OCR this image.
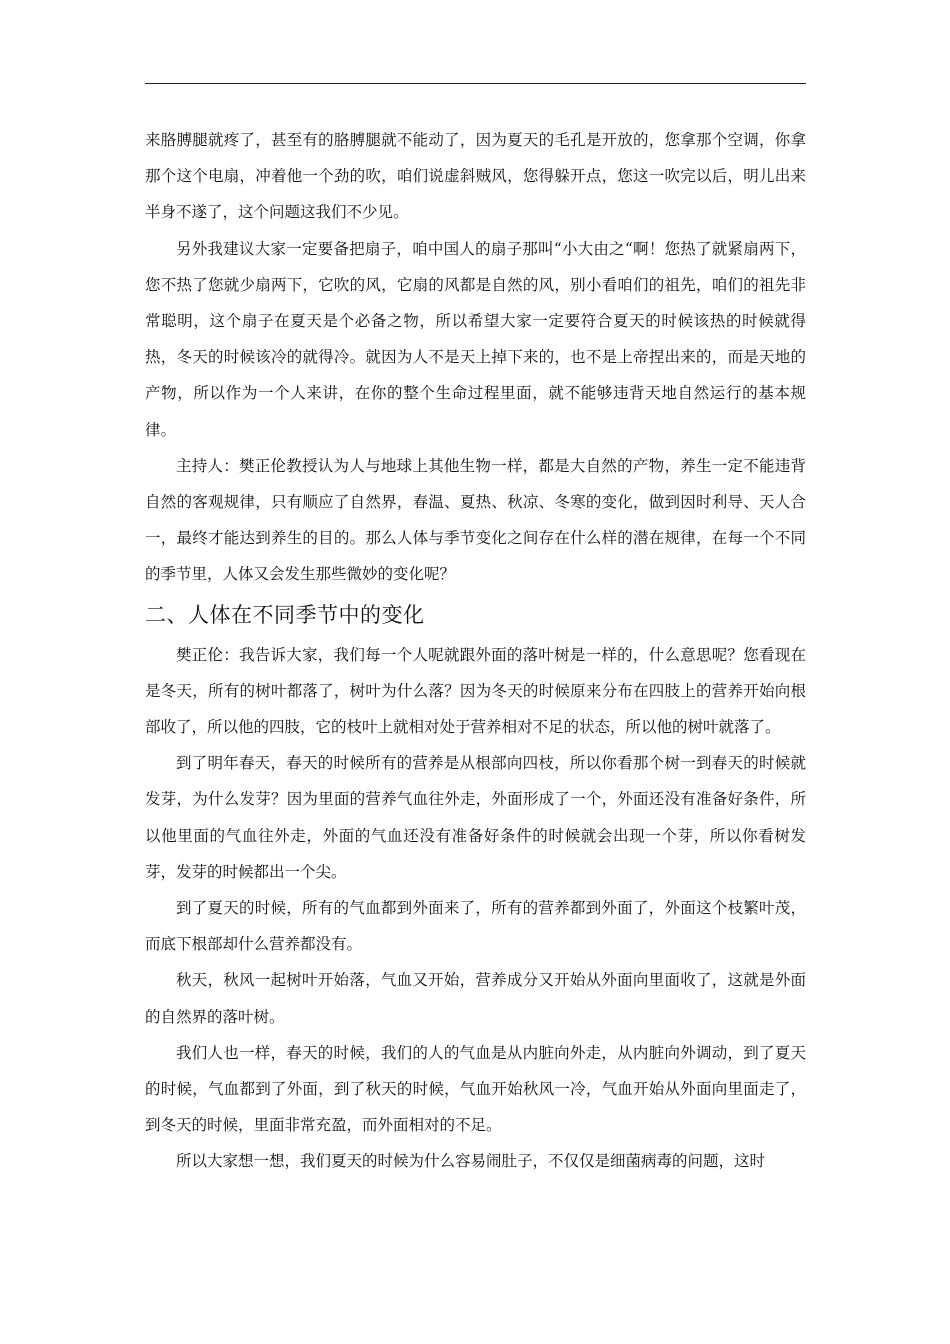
来胳膊腿就疼了，甚至有的胳膊腿就不能动了，因为夏天的毛孔是开放的，您拿那个空调，你拿那个这个电扇，冲着他一个劲的吹，咱们说虚斜贼风，您得躲开点，您这一吹完以后，明儿出来半身不遂了，这个问题这我们不少见。

另外我建议大家一定要备把扇子，咱中国人的扇子那叫“小大由之“啊！您热了就紧扇两下，您不热了您就少扇两下，它吹的风，它扇的风都是自然的风，别小看咱们的祖先，咱们的祖先非常聪明，这个扇子在夏天是个必备之物，所以希望大家一定要符合夏天的时候该热的时候就得热，冬天的时候该冷的就得冷。就因为人不是天上掉下来的，也不是上帝捏出来的，而是天地的产物，所以作为一个人来讲，在你的整个生命过程里面，就不能够违背天地自然运行的基本规律。

主持人：樊正伦教授认为人与地球上其他生物一样，都是大自然的产物，养生一定不能违背自然的客观规律，只有顺应了自然界，春温、夏热、秋凉、冬寒的变化，做到因时利导、天人合一，最终才能达到养生的目的。那么人体与季节变化之间存在什么样的潜在规律，在每一个不同的季节里，人体又会发生那些微妙的变化呢？

二、人体在不同季节中的变化

樊正伦：我告诉大家，我们每一个人呢就跟外面的落叶树是一样的，什么意思呢？您看现在是冬天，所有的树叶都落了，树叶为什么落？因为冬天的时候原来分布在四肢上的营养开始向根部收了，所以他的四肢，它的枝叶上就相对处于营养相对不足的状态，所以他的树叶就落了。

到了明年春天，春天的时候所有的营养是从根部向四枝，所以你看那个树一到春天的时候就发芽，为什么发芽？因为里面的营养气血往外走，外面形成了一个，外面还没有准备好条件，所以他里面的气血往外走，外面的气血还没有准备好条件的时候就会出现一个芽，所以你看树发芽，发芽的时候都出一个尖。

到了夏天的时候，所有的气血都到外面来了，所有的营养都到外面了，外面这个枝繁叶茂，而底下根部却什么营养都没有。

秋天，秋风一起树叶开始落，气血又开始，营养成分又开始从外面向里面收了，这就是外面的自然界的落叶树。

我们人也一样，春天的时候，我们的人的气血是从内脏向外走，从内脏向外调动，到了夏天的时候，气血都到了外面，到了秋天的时候，气血开始秋风一冷，气血开始从外面向里面走了，到冬天的时候，里面非常充盈，而外面相对的不足。

所以大家想一想，我们夏天的时候为什么容易闹肚子，不仅仅是细菌病毒的问题，这时
